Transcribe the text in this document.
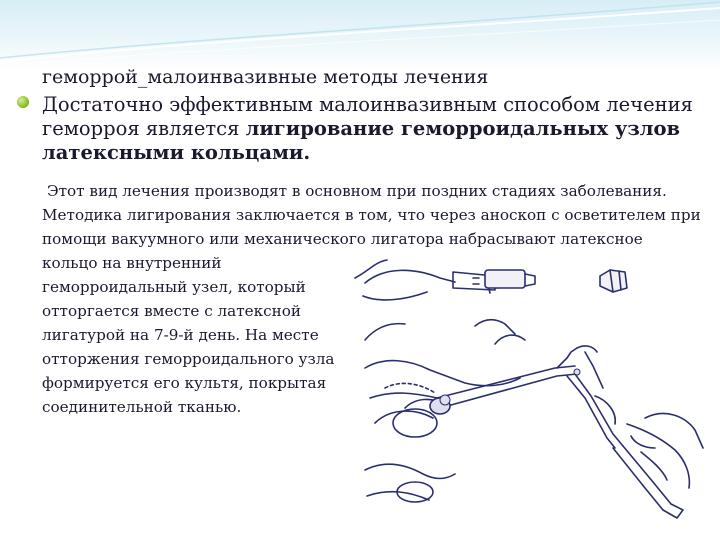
геморрой_малоинвазивные методы лечения
Достаточно эффективным малоинвазивным способом лечения геморроя является лигирование геморроидальных узлов латексными кольцами.
Этот вид лечения производят в основном при поздних стадиях заболевания. Методика лигирования заключается в том, что через аноскоп с осветителем при помощи вакуумного или механического лигатора набрасывают латексное
кольцо на внутренний геморроидальный узел, который отторгается вместе с латексной лигатурой на 7-9-й день. На месте отторжения геморроидального узла формируется его культя, покрытая соединительной тканью.
